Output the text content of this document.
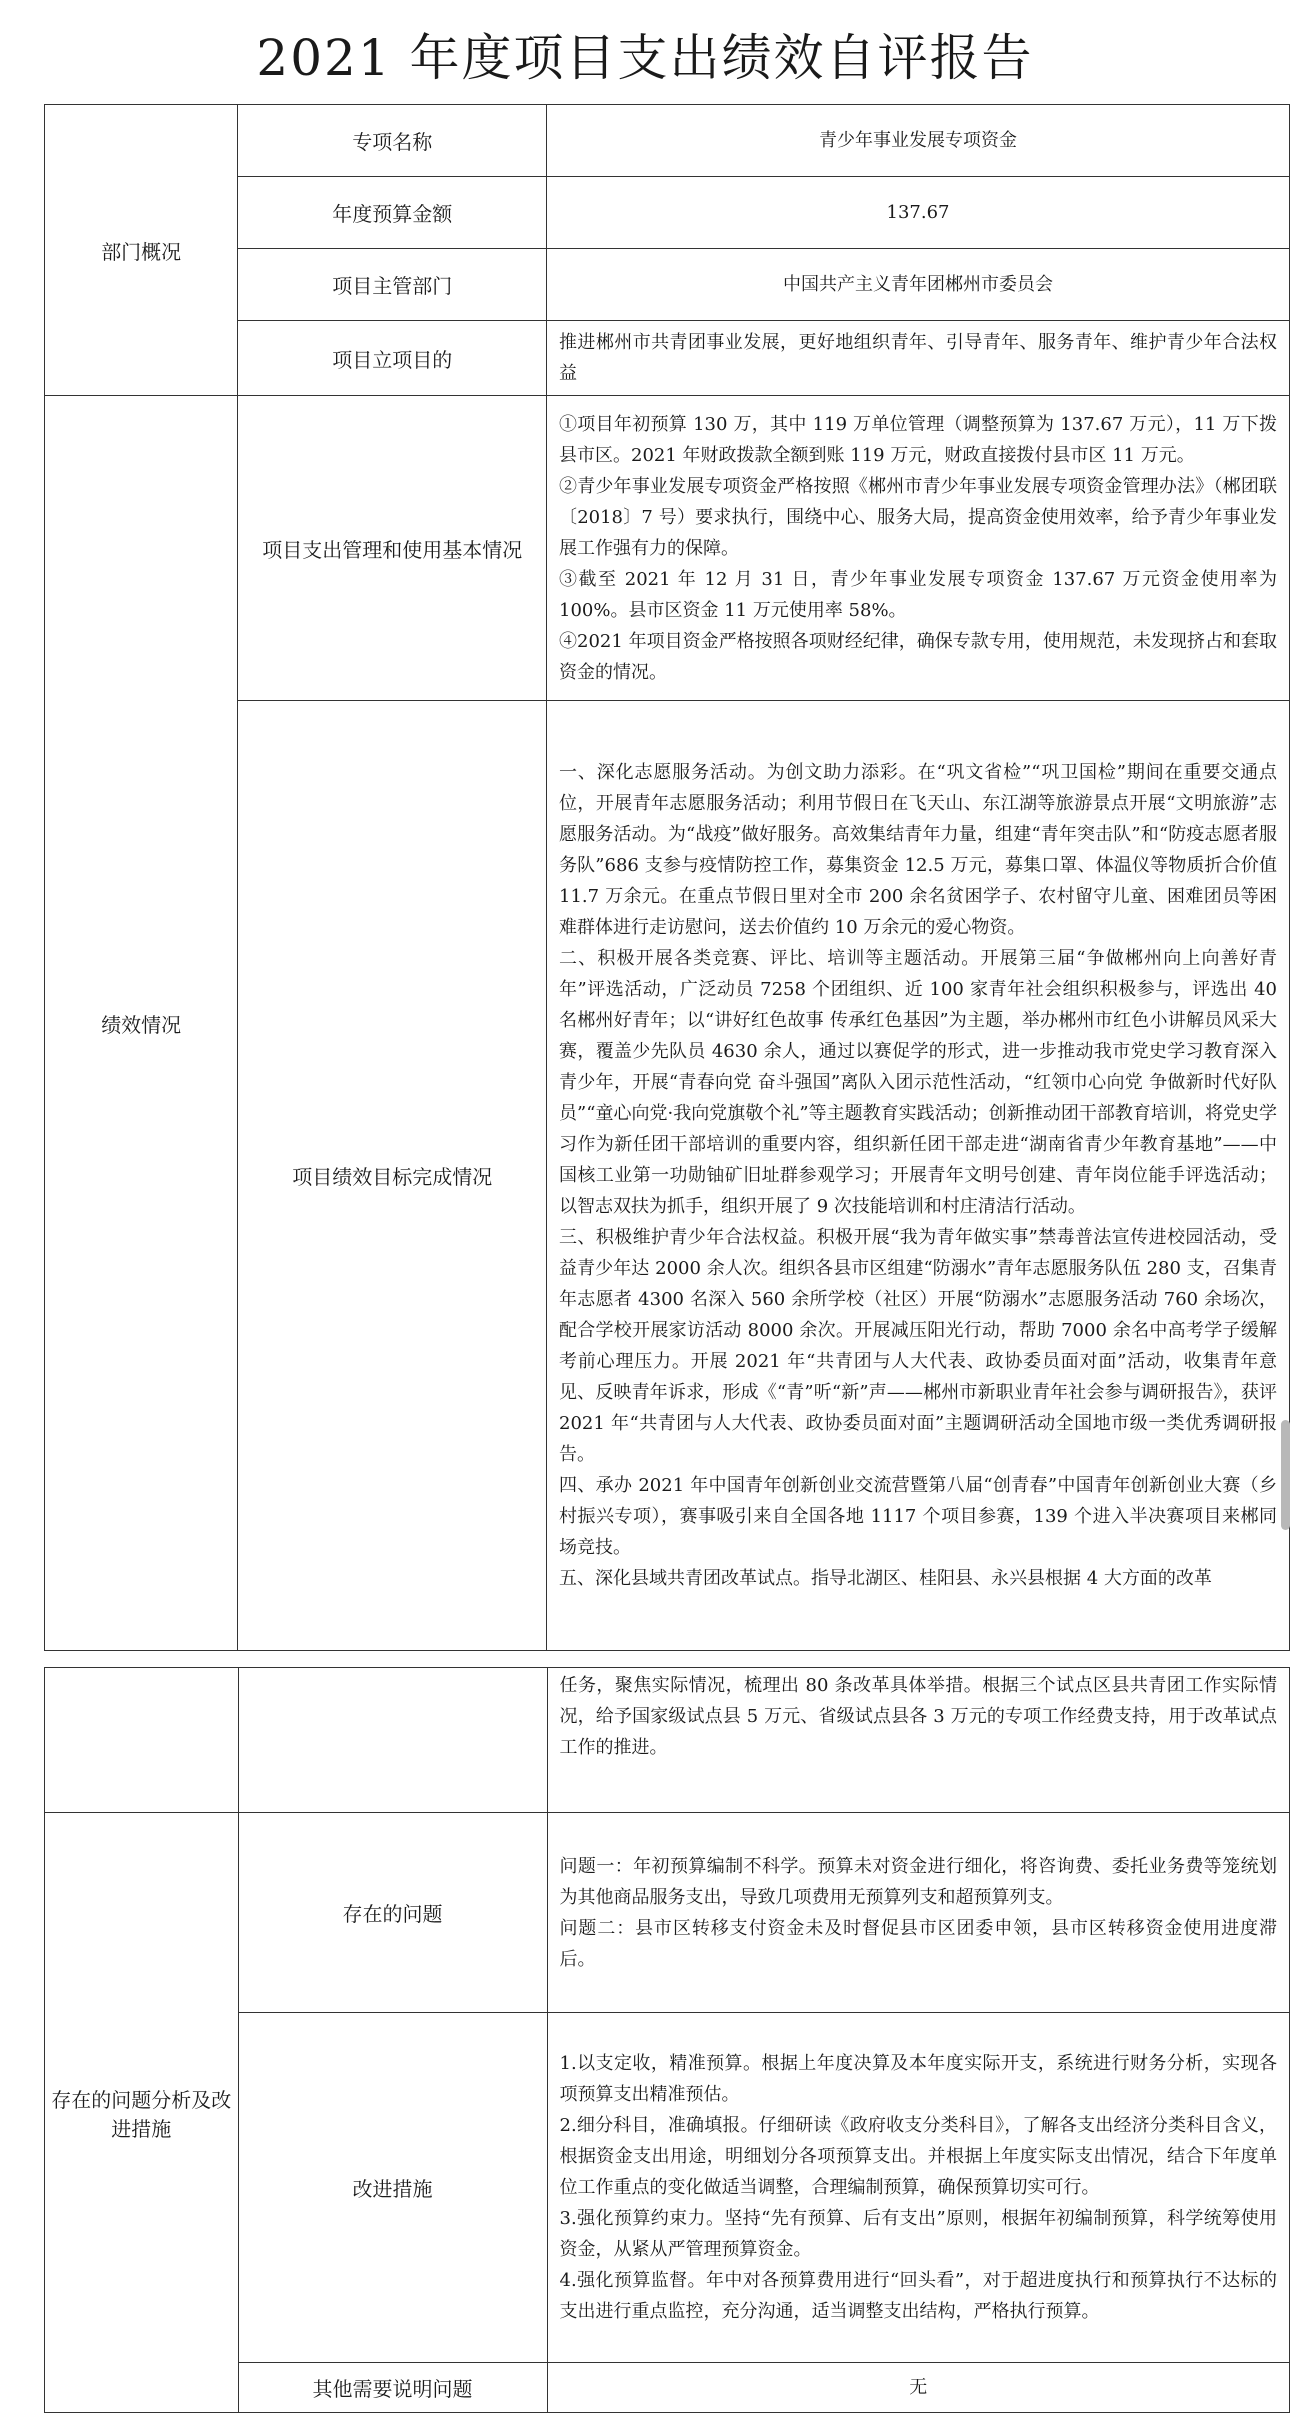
2021 年度项目支出绩效自评报告
部门概况	专项名称	青少年事业发展专项资金
	年度预算金额	137.67
	项目主管部门	中国共产主义青年团郴州市委员会
	项目立项目的	推进郴州市共青团事业发展，更好地组织青年、引导青年、服务青年、维护青少年合法权益
绩效情况	项目支出管理和使用基本情况	①项目年初预算 130 万，其中 119 万单位管理（调整预算为 137.67 万元），11 万下拨县市区。2021 年财政拨款全额到账 119 万元，财政直接拨付县市区 11 万元。
②青少年事业发展专项资金严格按照《郴州市青少年事业发展专项资金管理办法》（郴团联〔2018〕7 号）要求执行，围绕中心、服务大局，提高资金使用效率，给予青少年事业发展工作强有力的保障。
③截至 2021 年 12 月 31 日，青少年事业发展专项资金 137.67 万元资金使用率为 100%。县市区资金 11 万元使用率 58%。
④2021 年项目资金严格按照各项财经纪律，确保专款专用，使用规范，未发现挤占和套取资金的情况。

	项目绩效目标完成情况	一、深化志愿服务活动。为创文助力添彩。在“巩文省检”“巩卫国检”期间在重要交通点位，开展青年志愿服务活动；利用节假日在飞天山、东江湖等旅游景点开展“文明旅游”志愿服务活动。为“战疫”做好服务。高效集结青年力量，组建“青年突击队”和“防疫志愿者服务队”686 支参与疫情防控工作，募集资金 12.5 万元，募集口罩、体温仪等物质折合价值 11.7 万余元。在重点节假日里对全市 200 余名贫困学子、农村留守儿童、困难团员等困难群体进行走访慰问，送去价值约 10 万余元的爱心物资。
二、积极开展各类竞赛、评比、培训等主题活动。开展第三届“争做郴州向上向善好青年”评选活动，广泛动员 7258 个团组织、近 100 家青年社会组织积极参与，评选出 40 名郴州好青年；以“讲好红色故事 传承红色基因”为主题，举办郴州市红色小讲解员风采大赛，覆盖少先队员 4630 余人，通过以赛促学的形式，进一步推动我市党史学习教育深入青少年，开展“青春向党 奋斗强国”离队入团示范性活动，“红领巾心向党 争做新时代好队员”“童心向党·我向党旗敬个礼”等主题教育实践活动；创新推动团干部教育培训，将党史学习作为新任团干部培训的重要内容，组织新任团干部走进“湖南省青少年教育基地”——中国核工业第一功勋铀矿旧址群参观学习；开展青年文明号创建、青年岗位能手评选活动；以智志双扶为抓手，组织开展了 9 次技能培训和村庄清洁行活动。
三、积极维护青少年合法权益。积极开展“我为青年做实事”禁毒普法宣传进校园活动，受益青少年达 2000 余人次。组织各县市区组建“防溺水”青年志愿服务队伍 280 支，召集青年志愿者 4300 名深入 560 余所学校（社区）开展“防溺水”志愿服务活动 760 余场次，配合学校开展家访活动 8000 余次。开展减压阳光行动，帮助 7000 余名中高考学子缓解考前心理压力。开展 2021 年“共青团与人大代表、政协委员面对面”活动，收集青年意见、反映青年诉求，形成《“青”听“新”声——郴州市新职业青年社会参与调研报告》，获评 2021 年“共青团与人大代表、政协委员面对面”主题调研活动全国地市级一类优秀调研报告。
四、承办 2021 年中国青年创新创业交流营暨第八届“创青春”中国青年创新创业大赛（乡村振兴专项），赛事吸引来自全国各地 1117 个项目参赛，139 个进入半决赛项目来郴同场竞技。
五、深化县域共青团改革试点。指导北湖区、桂阳县、永兴县根据 4 大方面的改革
		任务，聚焦实际情况，梳理出 80 条改革具体举措。根据三个试点区县共青团工作实际情况，给予国家级试点县 5 万元、省级试点县各 3 万元的专项工作经费支持，用于改革试点工作的推进。
存在的问题分析及改进措施	存在的问题	问题一：年初预算编制不科学。预算未对资金进行细化，将咨询费、委托业务费等笼统划为其他商品服务支出，导致几项费用无预算列支和超预算列支。
问题二：县市区转移支付资金未及时督促县市区团委申领，县市区转移资金使用进度滞后。

	改进措施	1.以支定收，精准预算。根据上年度决算及本年度实际开支，系统进行财务分析，实现各项预算支出精准预估。
2.细分科目，准确填报。仔细研读《政府收支分类科目》，了解各支出经济分类科目含义，根据资金支出用途，明细划分各项预算支出。并根据上年度实际支出情况，结合下年度单位工作重点的变化做适当调整，合理编制预算，确保预算切实可行。
3.强化预算约束力。坚持“先有预算、后有支出”原则，根据年初编制预算，科学统筹使用资金，从紧从严管理预算资金。
4.强化预算监督。年中对各预算费用进行“回头看”，对于超进度执行和预算执行不达标的支出进行重点监控，充分沟通，适当调整支出结构，严格执行预算。

	其他需要说明问题	无
